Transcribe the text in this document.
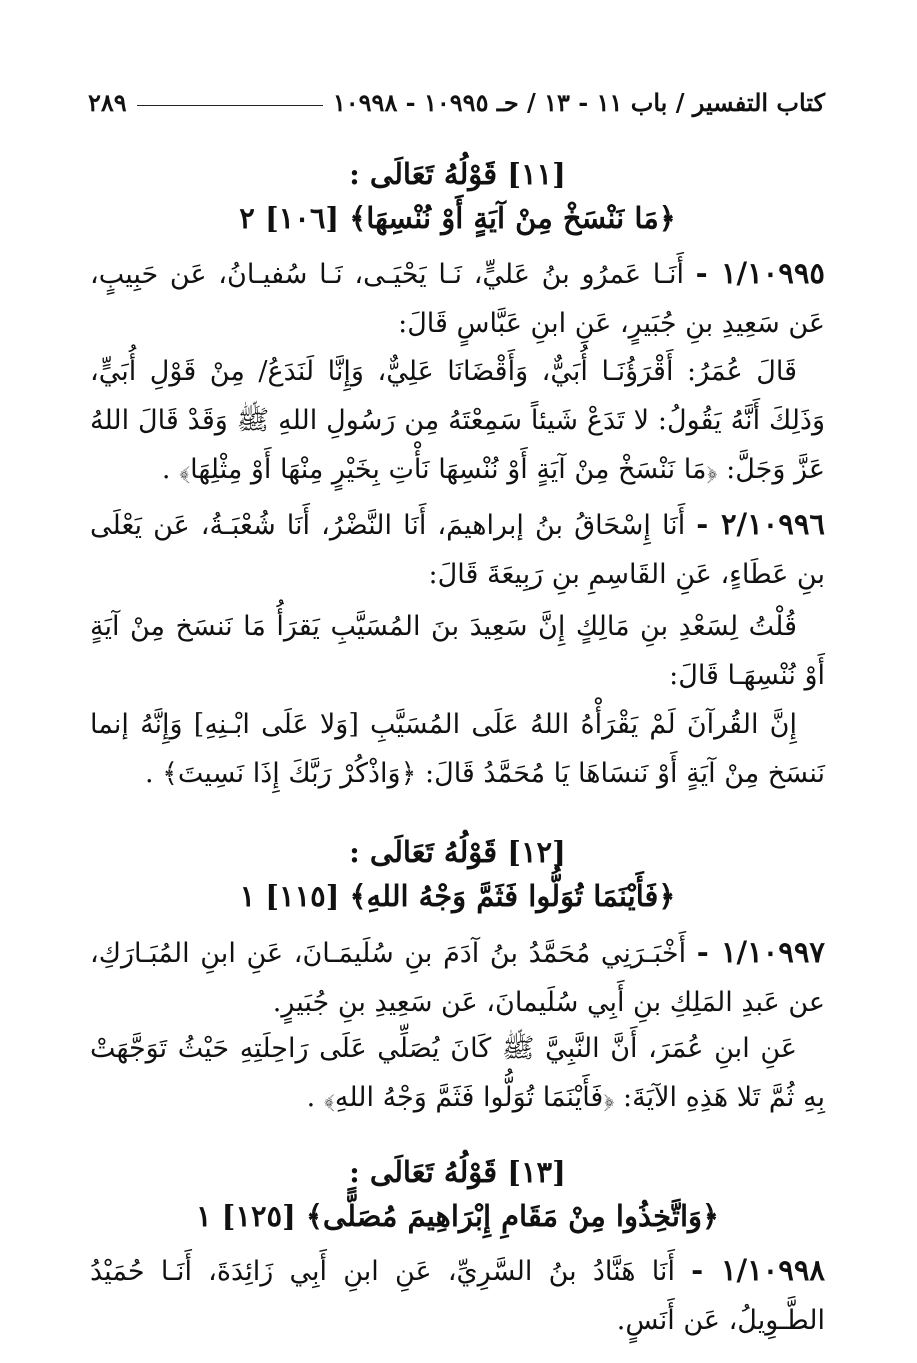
كتاب التفسير / باب ١١ - ١٣ / حـ ١٠٩٩٥ - ١٠٩٩٨
٢٨٩
[١١] قَوْلُهُ تَعَالَى :
﴿مَا نَنْسَخْ مِنْ آيَةٍ أَوْ نُنْسِهَا﴾ [١٠٦] ٢
١/١٠٩٩٥ - أَنَـا عَمرُو بنُ عَليٍّ، نَـا يَحْيَـى، نَـا سُفيـانُ، عَن حَبِيبٍ، عَن سَعِيدِ بنِ جُبَيرٍ، عَنِ ابنِ عَبَّاسٍ قَالَ:
قَالَ عُمَرُ: أَقْرَؤُنَـا أُبَيٌّ، وَأَقْضَانَا عَلِيٌّ، وَإِنَّا لَنَدَعُ/ مِنْ قَوْلِ أُبَيٍّ، وَذَلِكَ أَنَّهُ يَقُولُ: لا تَدَعْ شَيئاً سَمِعْتَهُ مِن رَسُولِ اللهِ ﷺ وَقَدْ قَالَ اللهُ عَزَّ وَجَلَّ: ﴿مَا نَنْسَخْ مِنْ آيَةٍ أَوْ نُنْسِهَا نَأْتِ بِخَيْرٍ مِنْهَا أَوْ مِثْلِهَا﴾ .
٢/١٠٩٩٦ - أَنَا إِسْحَاقُ بنُ إبراهيمَ، أَنَا النَّضْرُ، أَنَا شُعْبَـةُ، عَن يَعْلَى بنِ عَطَاءٍ، عَنِ القَاسِمِ بنِ رَبِيعَةَ قَالَ:
قُلْتُ لِسَعْدِ بنِ مَالِكٍ إِنَّ سَعِيدَ بنَ المُسَيَّبِ يَقرَأُ مَا نَنسَخ مِنْ آيَةٍ أَوْ نُنْسِهَـا قَالَ:
إِنَّ القُرآنَ لَمْ يَقْرَأْهُ اللهُ عَلَى المُسَيَّبِ [وَلا عَلَى ابْـنِهِ] وَإِنَّهُ إنما نَنسَخ مِنْ آيَةٍ أَوْ نَنسَاهَا يَا مُحَمَّدُ قَالَ: ﴿وَاذْكُرْ رَبَّكَ إِذَا نَسِيتَ﴾ .
[١٢] قَوْلُهُ تَعَالَى :
﴿فَأَيْنَمَا تُوَلُّوا فَثَمَّ وَجْهُ اللهِ﴾ [١١٥] ١
١/١٠٩٩٧ - أَخْبَـرَنِي مُحَمَّدُ بنُ آدَمَ بنِ سُلَيمَـانَ، عَنِ ابنِ المُبَـارَكِ، عن عَبدِ المَلِكِ بنِ أَبِي سُلَيمانَ، عَن سَعِيدِ بنِ جُبَيرٍ.
عَنِ ابنِ عُمَرَ، أَنَّ النَّبِيَّ ﷺ كَانَ يُصَلِّي عَلَى رَاحِلَتِهِ حَيْثُ تَوَجَّهَتْ بِهِ ثُمَّ تَلا هَذِهِ الآيَةَ: ﴿فَأَيْنَمَا تُوَلُّوا فَثَمَّ وَجْهُ اللهِ﴾ .
[١٣] قَوْلُهُ تَعَالَى :
﴿وَاتَّخِذُوا مِنْ مَقَامِ إِبْرَاهِيمَ مُصَلًّى﴾ [١٢٥] ١
١/١٠٩٩٨ - أَنَا هَنَّادُ بنُ السَّرِيِّ، عَنِ ابنِ أَبِي زَائِدَةَ، أَنَـا حُمَيْدُ الطَّـوِيلُ، عَن أَنَسٍ.
